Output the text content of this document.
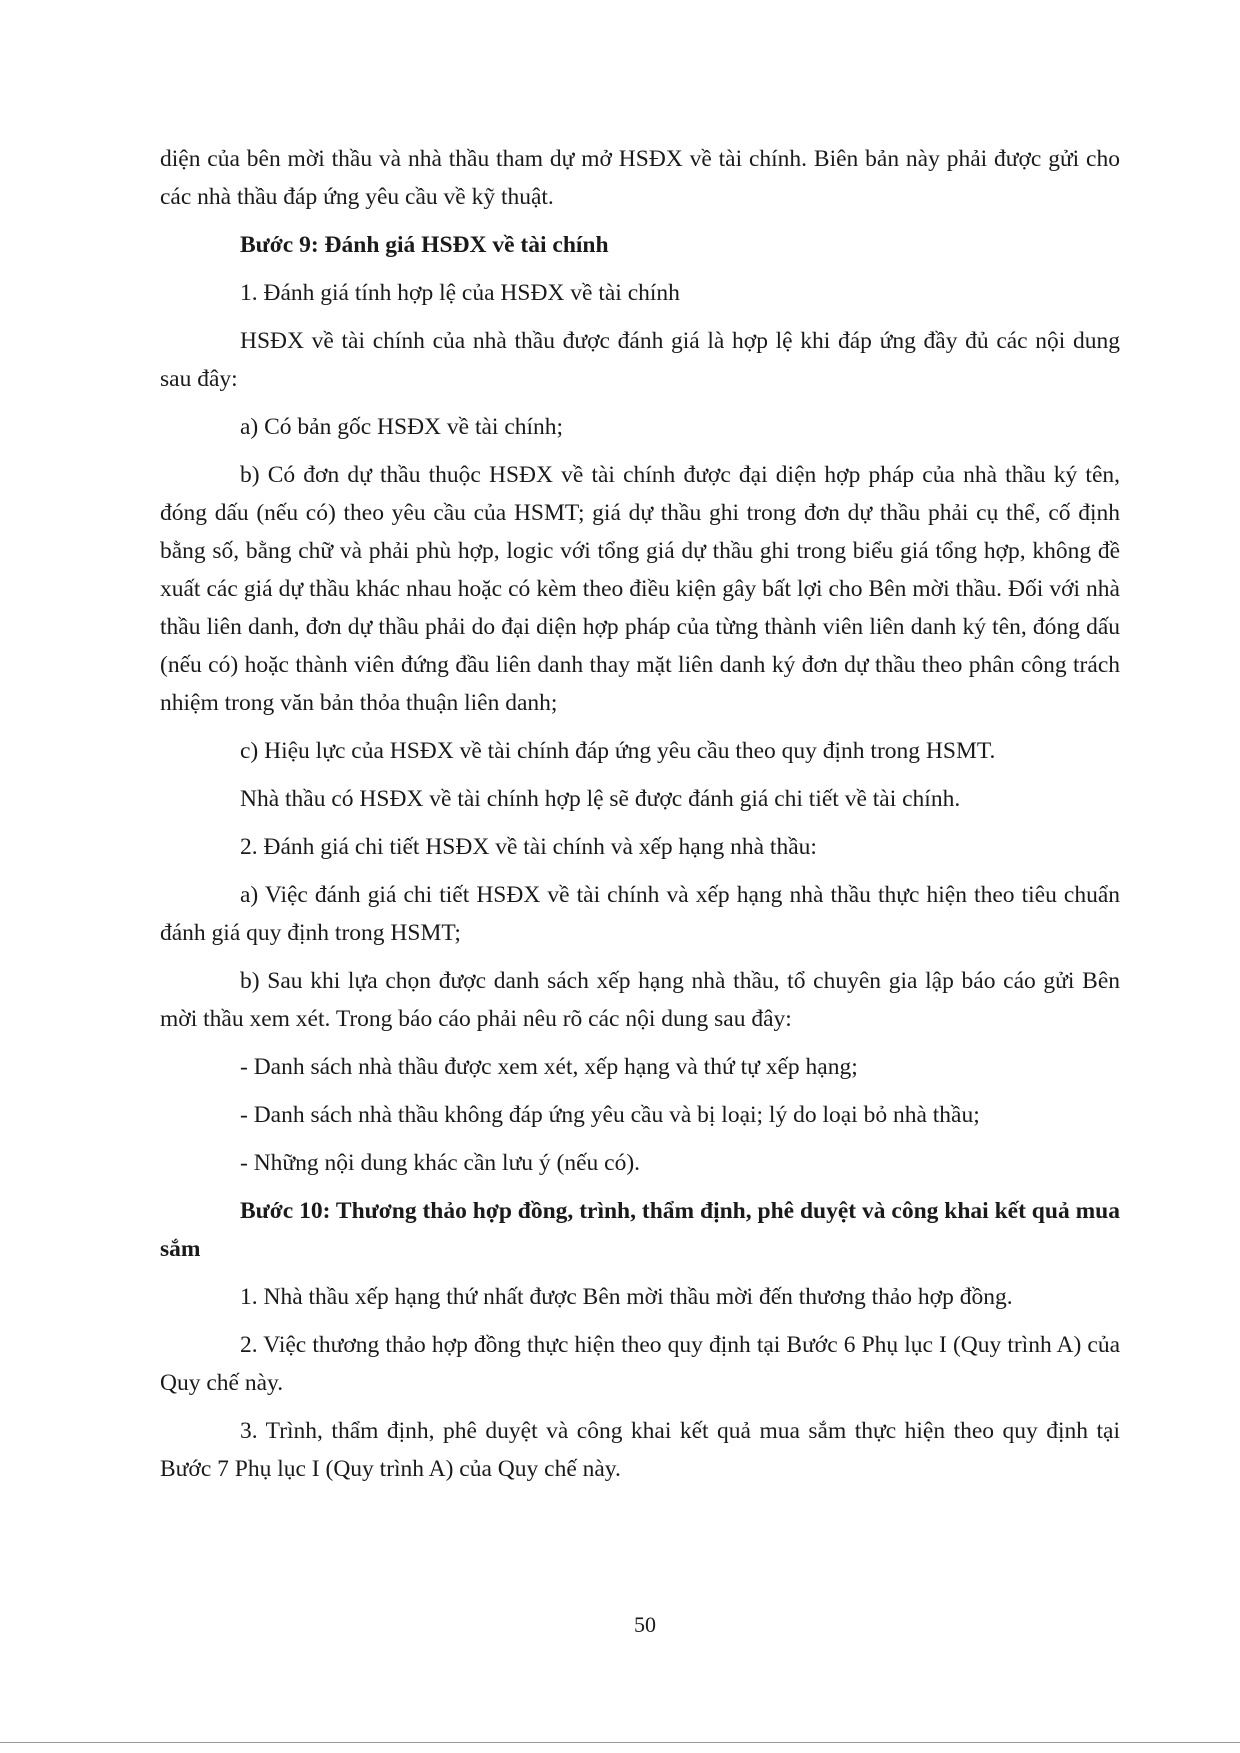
diện của bên mời thầu và nhà thầu tham dự mở HSĐX về tài chính. Biên bản này phải được gửi cho các nhà thầu đáp ứng yêu cầu về kỹ thuật.

Bước 9: Đánh giá HSĐX về tài chính

1. Đánh giá tính hợp lệ của HSĐX về tài chính

HSĐX về tài chính của nhà thầu được đánh giá là hợp lệ khi đáp ứng đầy đủ các nội dung sau đây:

a) Có bản gốc HSĐX về tài chính;

b) Có đơn dự thầu thuộc HSĐX về tài chính được đại diện hợp pháp của nhà thầu ký tên, đóng dấu (nếu có) theo yêu cầu của HSMT; giá dự thầu ghi trong đơn dự thầu phải cụ thể, cố định bằng số, bằng chữ và phải phù hợp, logic với tổng giá dự thầu ghi trong biểu giá tổng hợp, không đề xuất các giá dự thầu khác nhau hoặc có kèm theo điều kiện gây bất lợi cho Bên mời thầu. Đối với nhà thầu liên danh, đơn dự thầu phải do đại diện hợp pháp của từng thành viên liên danh ký tên, đóng dấu (nếu có) hoặc thành viên đứng đầu liên danh thay mặt liên danh ký đơn dự thầu theo phân công trách nhiệm trong văn bản thỏa thuận liên danh;

c) Hiệu lực của HSĐX về tài chính đáp ứng yêu cầu theo quy định trong HSMT.

Nhà thầu có HSĐX về tài chính hợp lệ sẽ được đánh giá chi tiết về tài chính.

2. Đánh giá chi tiết HSĐX về tài chính và xếp hạng nhà thầu:

a) Việc đánh giá chi tiết HSĐX về tài chính và xếp hạng nhà thầu thực hiện theo tiêu chuẩn đánh giá quy định trong HSMT;

b) Sau khi lựa chọn được danh sách xếp hạng nhà thầu, tổ chuyên gia lập báo cáo gửi Bên mời thầu xem xét. Trong báo cáo phải nêu rõ các nội dung sau đây:

- Danh sách nhà thầu được xem xét, xếp hạng và thứ tự xếp hạng;

- Danh sách nhà thầu không đáp ứng yêu cầu và bị loại; lý do loại bỏ nhà thầu;

- Những nội dung khác cần lưu ý (nếu có).

Bước 10: Thương thảo hợp đồng, trình, thẩm định, phê duyệt và công khai kết quả mua sắm

1. Nhà thầu xếp hạng thứ nhất được Bên mời thầu mời đến thương thảo hợp đồng.

2. Việc thương thảo hợp đồng thực hiện theo quy định tại Bước 6 Phụ lục I (Quy trình A) của Quy chế này.

3. Trình, thẩm định, phê duyệt và công khai kết quả mua sắm thực hiện theo quy định tại Bước 7 Phụ lục I (Quy trình A) của Quy chế này.

50
